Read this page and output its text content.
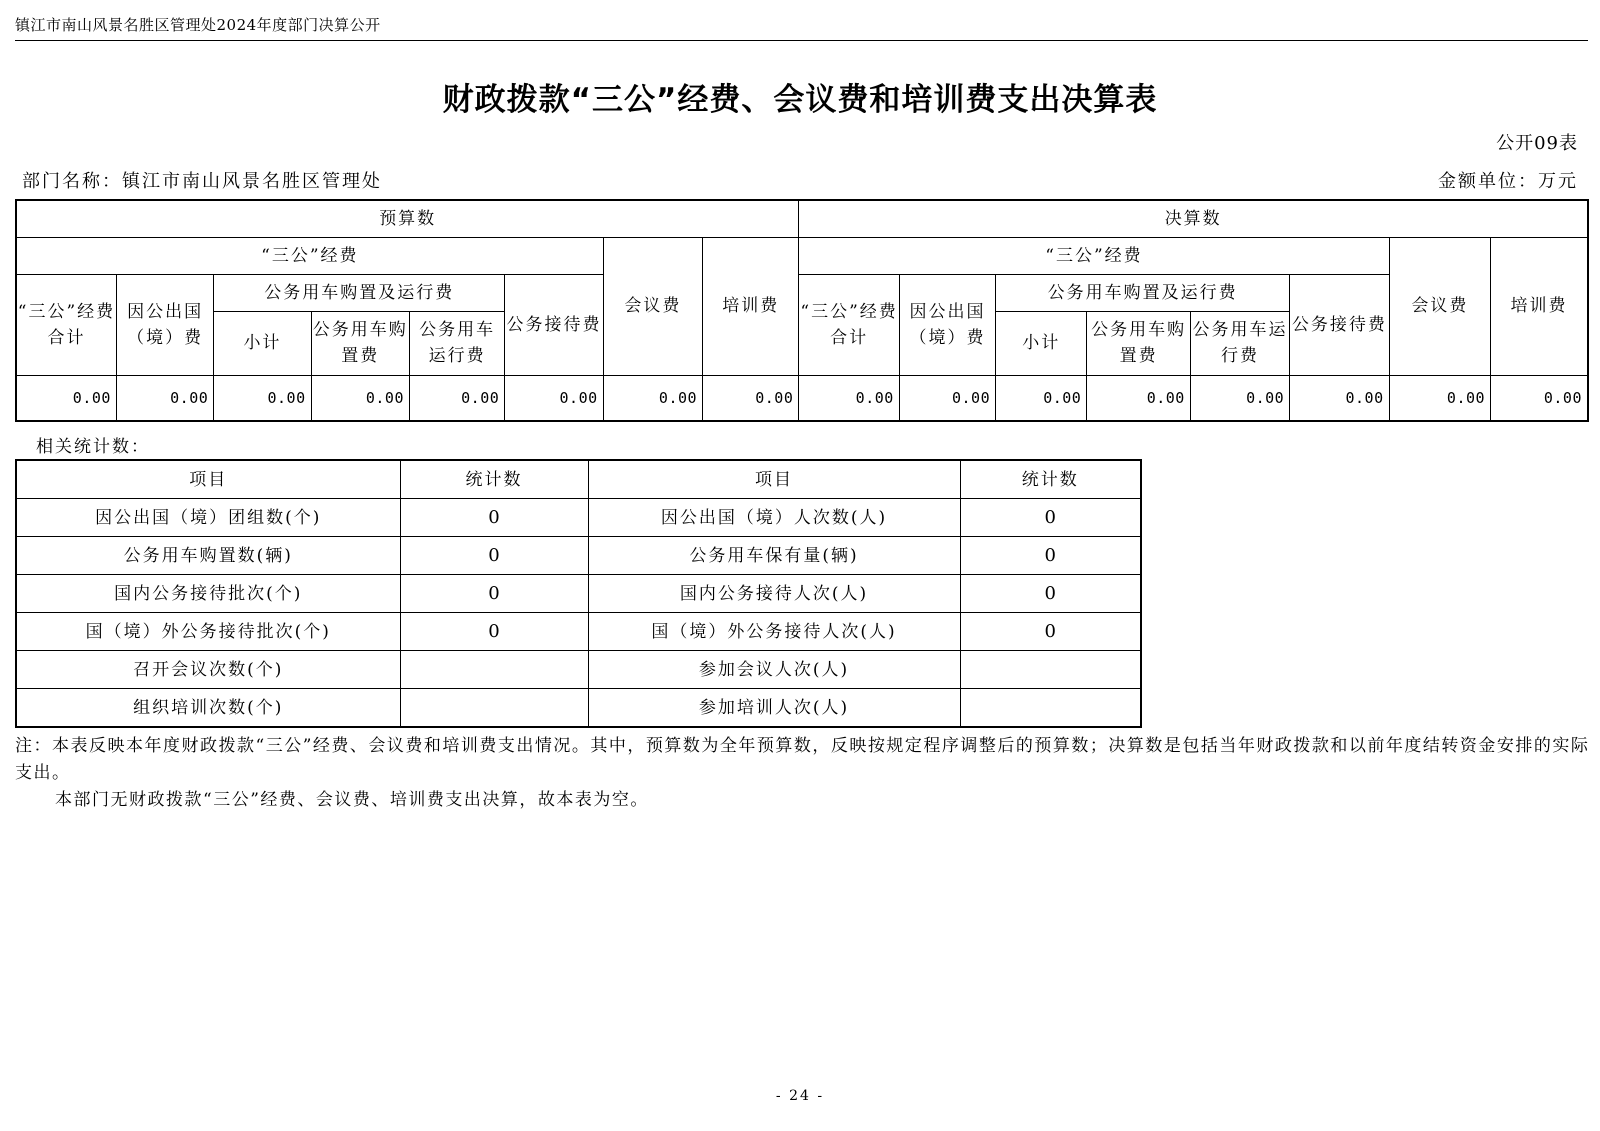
镇江市南山风景名胜区管理处2024年度部门决算公开
财政拨款“三公”经费、会议费和培训费支出决算表
公开09表
部门名称：镇江市南山风景名胜区管理处	金额单位：万元
预算数								决算数							
“三公”经费						会议费	培训费	“三公”经费						会议费	培训费
“三公”经费合计	因公出国（境）费	公务用车购置及运行费			公务接待费			“三公”经费合计	因公出国（境）费	公务用车购置及运行费			公务接待费		
		小计	公务用车购置费	公务用车运行费						小计	公务用车购置费	公务用车运行费			
0.00	0.00	0.00	0.00	0.00	0.00	0.00	0.00	0.00	0.00	0.00	0.00	0.00	0.00	0.00	0.00
相关统计数：
项目	统计数	项目	统计数
因公出国（境）团组数(个)	0	因公出国（境）人次数(人)	0
公务用车购置数(辆)	0	公务用车保有量(辆)	0
国内公务接待批次(个)	0	国内公务接待人次(人)	0
国（境）外公务接待批次(个)	0	国（境）外公务接待人次(人)	0
召开会议次数(个)		参加会议人次(人)	
组织培训次数(个)		参加培训人次(人)	
注：本表反映本年度财政拨款“三公”经费、会议费和培训费支出情况。其中，预算数为全年预算数，反映按规定程序调整后的预算数；决算数是包括当年财政拨款和以前年度结转资金安排的实际支出。
本部门无财政拨款“三公”经费、会议费、培训费支出决算，故本表为空。
- 24 -
